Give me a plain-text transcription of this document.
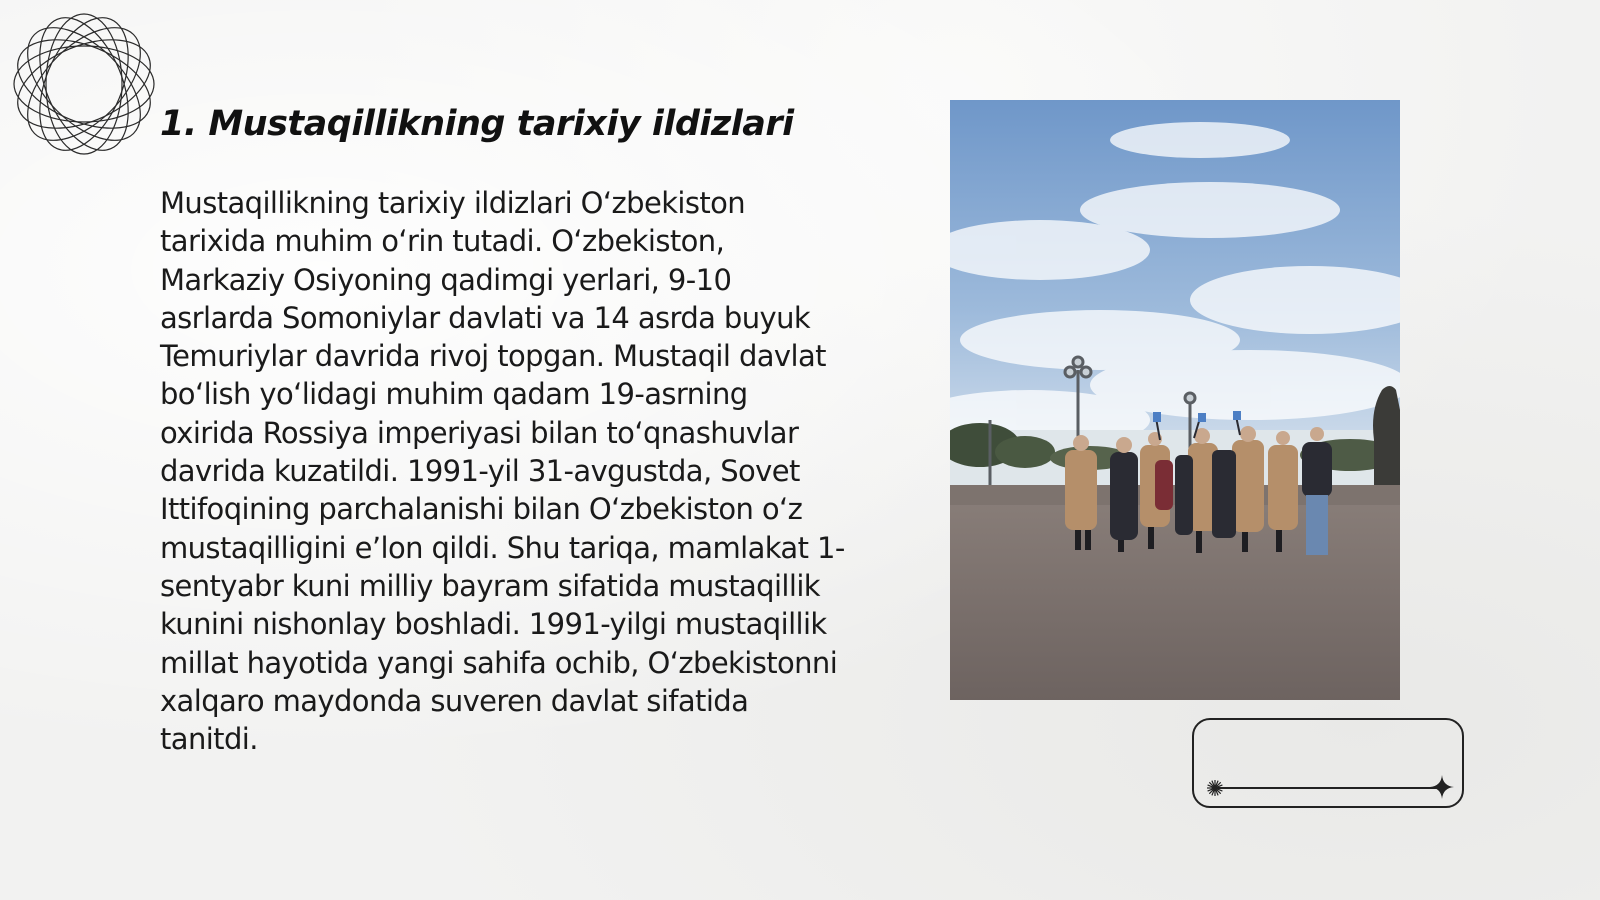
1. Mustaqillikning tarixiy ildizlari

Mustaqillikning tarixiy ildizlari O‘zbekiston tarixida muhim o‘rin tutadi. O‘zbekiston, Markaziy Osiyoning qadimgi yerlari, 9-10 asrlarda Somoniylar davlati va 14 asrda buyuk Temuriylar davrida rivoj topgan. Mustaqil davlat bo‘lish yo‘lidagi muhim qadam 19-asrning oxirida Rossiya imperiyasi bilan to‘qnashuvlar davrida kuzatildi. 1991-yil 31-avgustda, Sovet Ittifoqining parchalanishi bilan O‘zbekiston o‘z mustaqilligini e’lon qildi. Shu tariqa, mamlakat 1-sentyabr kuni milliy bayram sifatida mustaqillik kunini nishonlay boshladi. 1991-yilgi mustaqillik millat hayotida yangi sahifa ochib, O‘zbekistonni xalqaro maydonda suveren davlat sifatida tanitdi.
